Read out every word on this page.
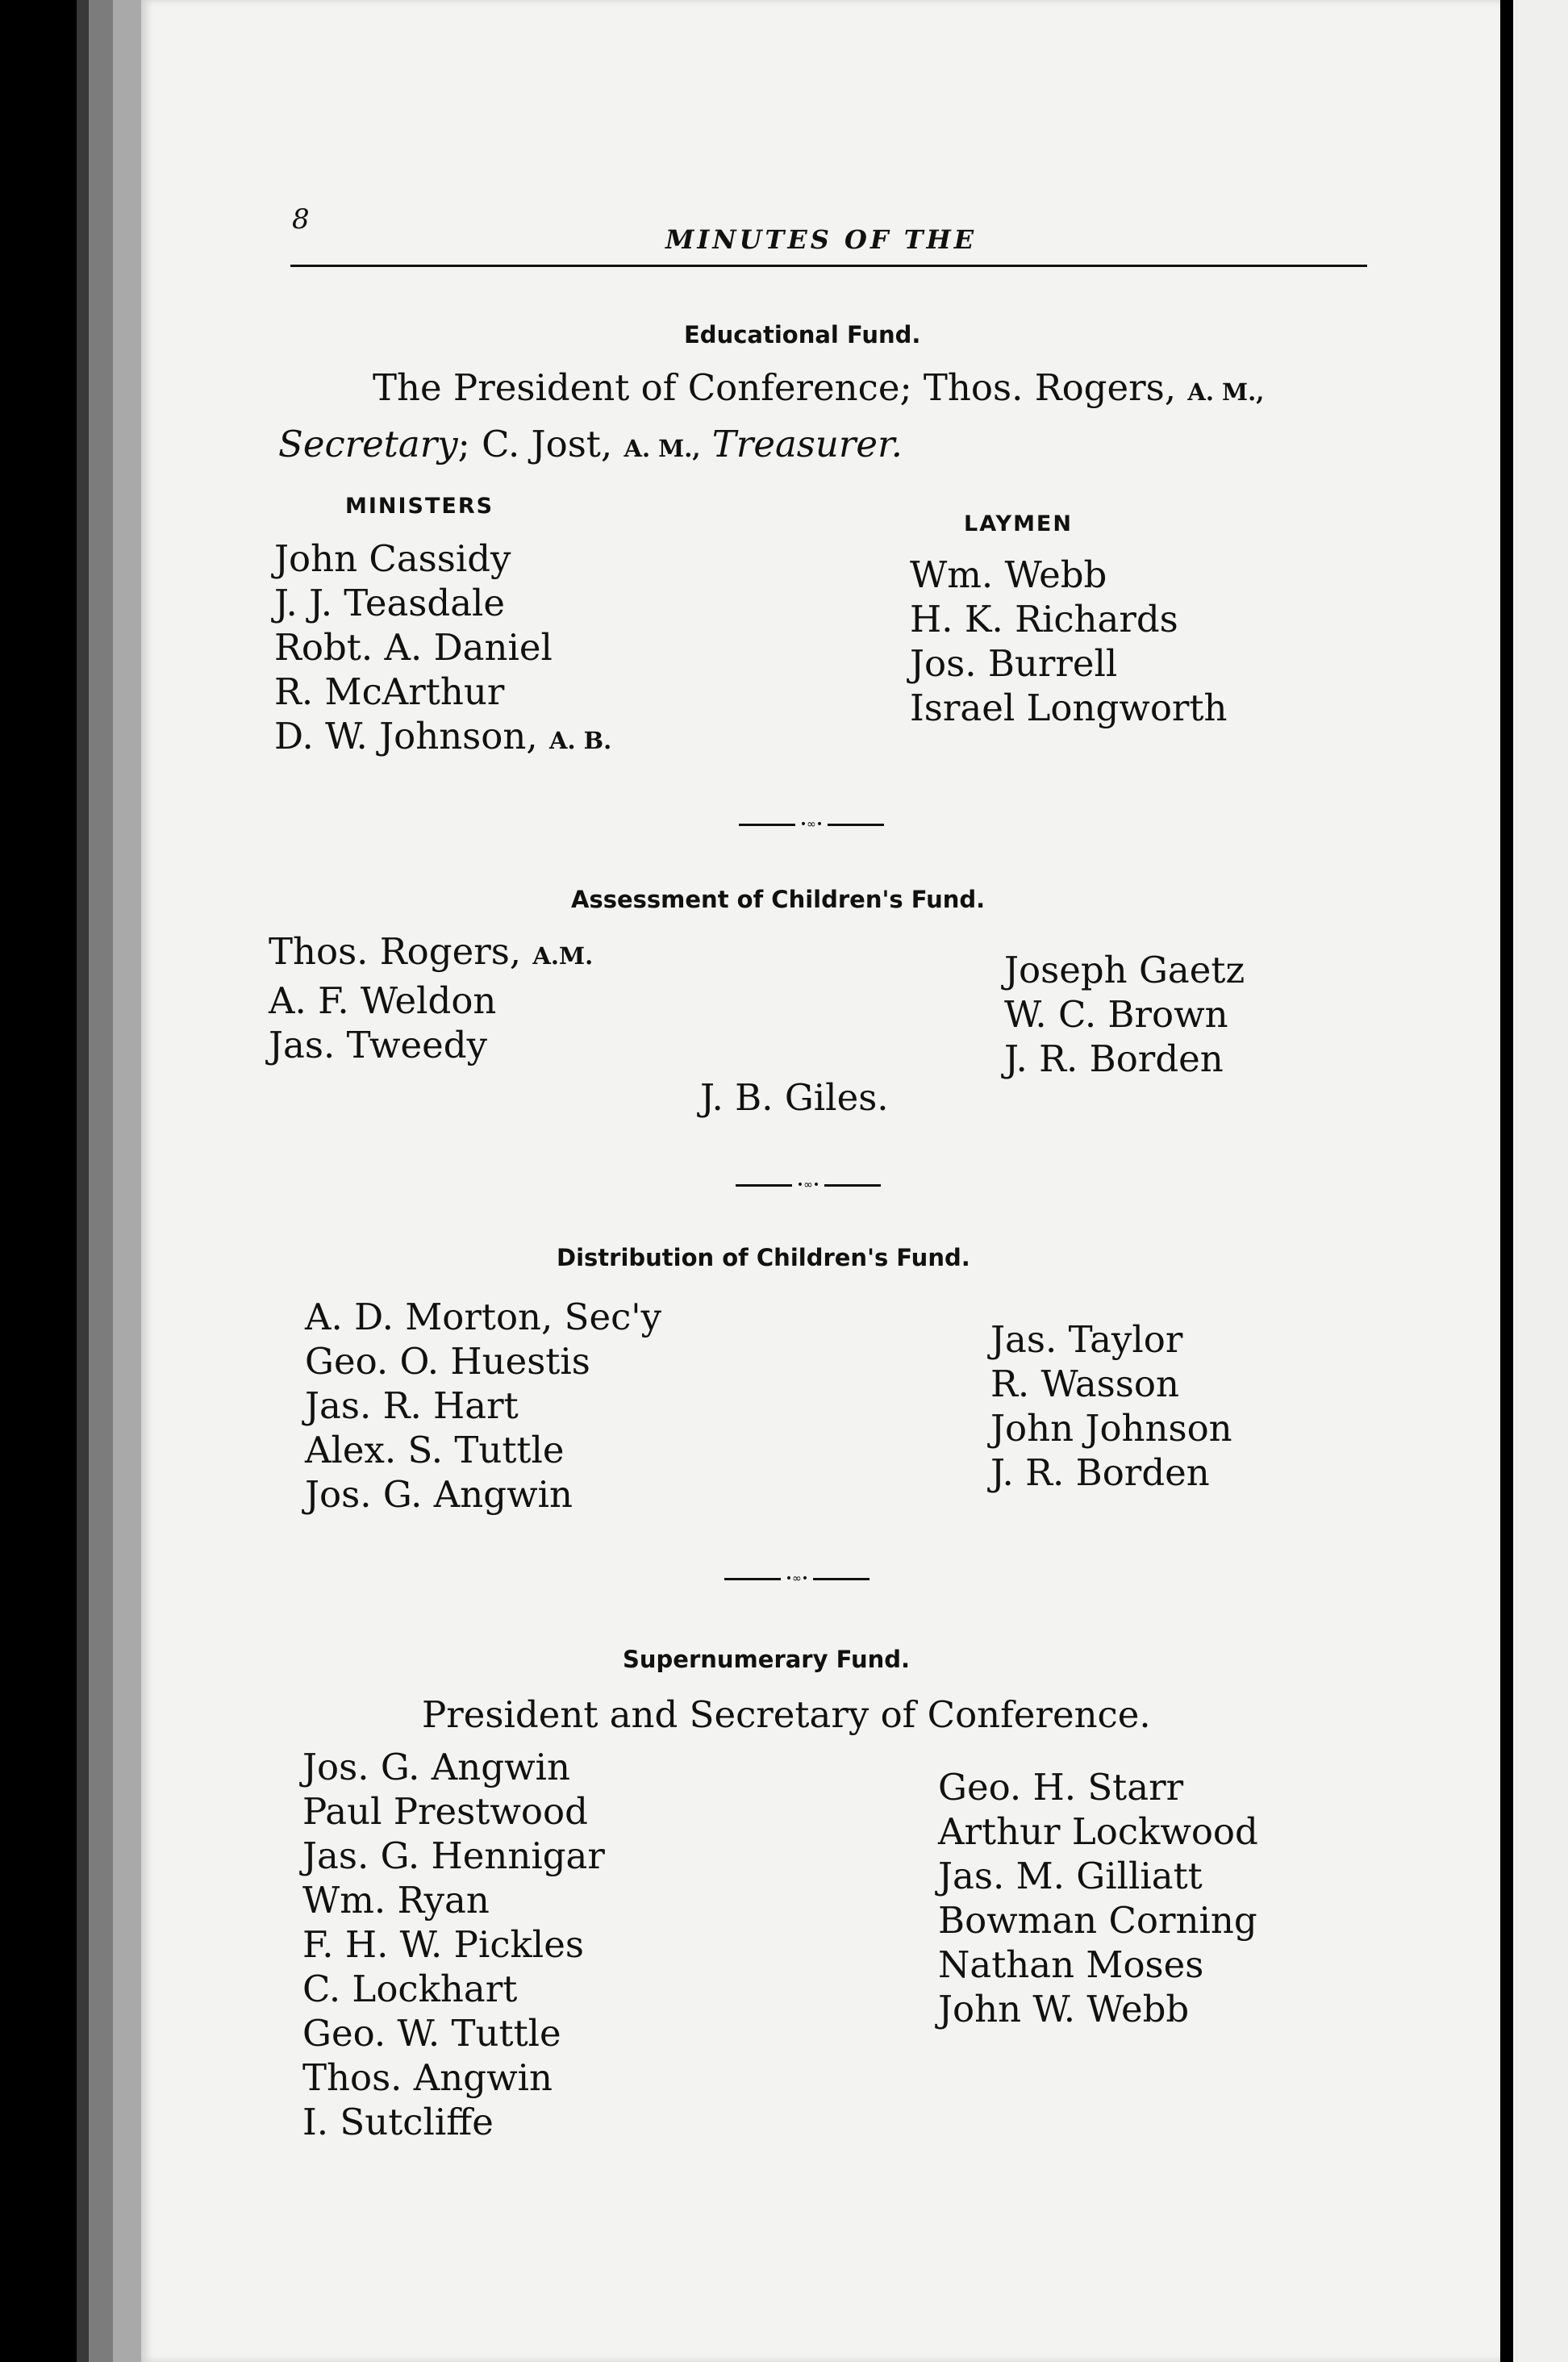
8
MINUTES OF THE
Educational Fund.
The President of Conference; Thos. Rogers, A. M.,
Secretary; C. Jost, A. M., Treasurer.
MINISTERS
LAYMEN
John Cassidy
J. J. Teasdale
Robt. A. Daniel
R. McArthur
D. W. Johnson, A. B.
Wm. Webb
H. K. Richards
Jos. Burrell
Israel Longworth
•∞•
Assessment of Children's Fund.
Thos. Rogers, A.M.
A. F. Weldon
Jas. Tweedy
Joseph Gaetz
W. C. Brown
J. R. Borden
J. B. Giles.
•∞•
Distribution of Children's Fund.
A. D. Morton, Sec'y
Geo. O. Huestis
Jas. R. Hart
Alex. S. Tuttle
Jos. G. Angwin
Jas. Taylor
R. Wasson
John Johnson
J. R. Borden
•∞•
Supernumerary Fund.
President and Secretary of Conference.
Jos. G. Angwin
Paul Prestwood
Jas. G. Hennigar
Wm. Ryan
F. H. W. Pickles
C. Lockhart
Geo. W. Tuttle
Thos. Angwin
I. Sutcliffe
Geo. H. Starr
Arthur Lockwood
Jas. M. Gilliatt
Bowman Corning
Nathan Moses
John W. Webb
